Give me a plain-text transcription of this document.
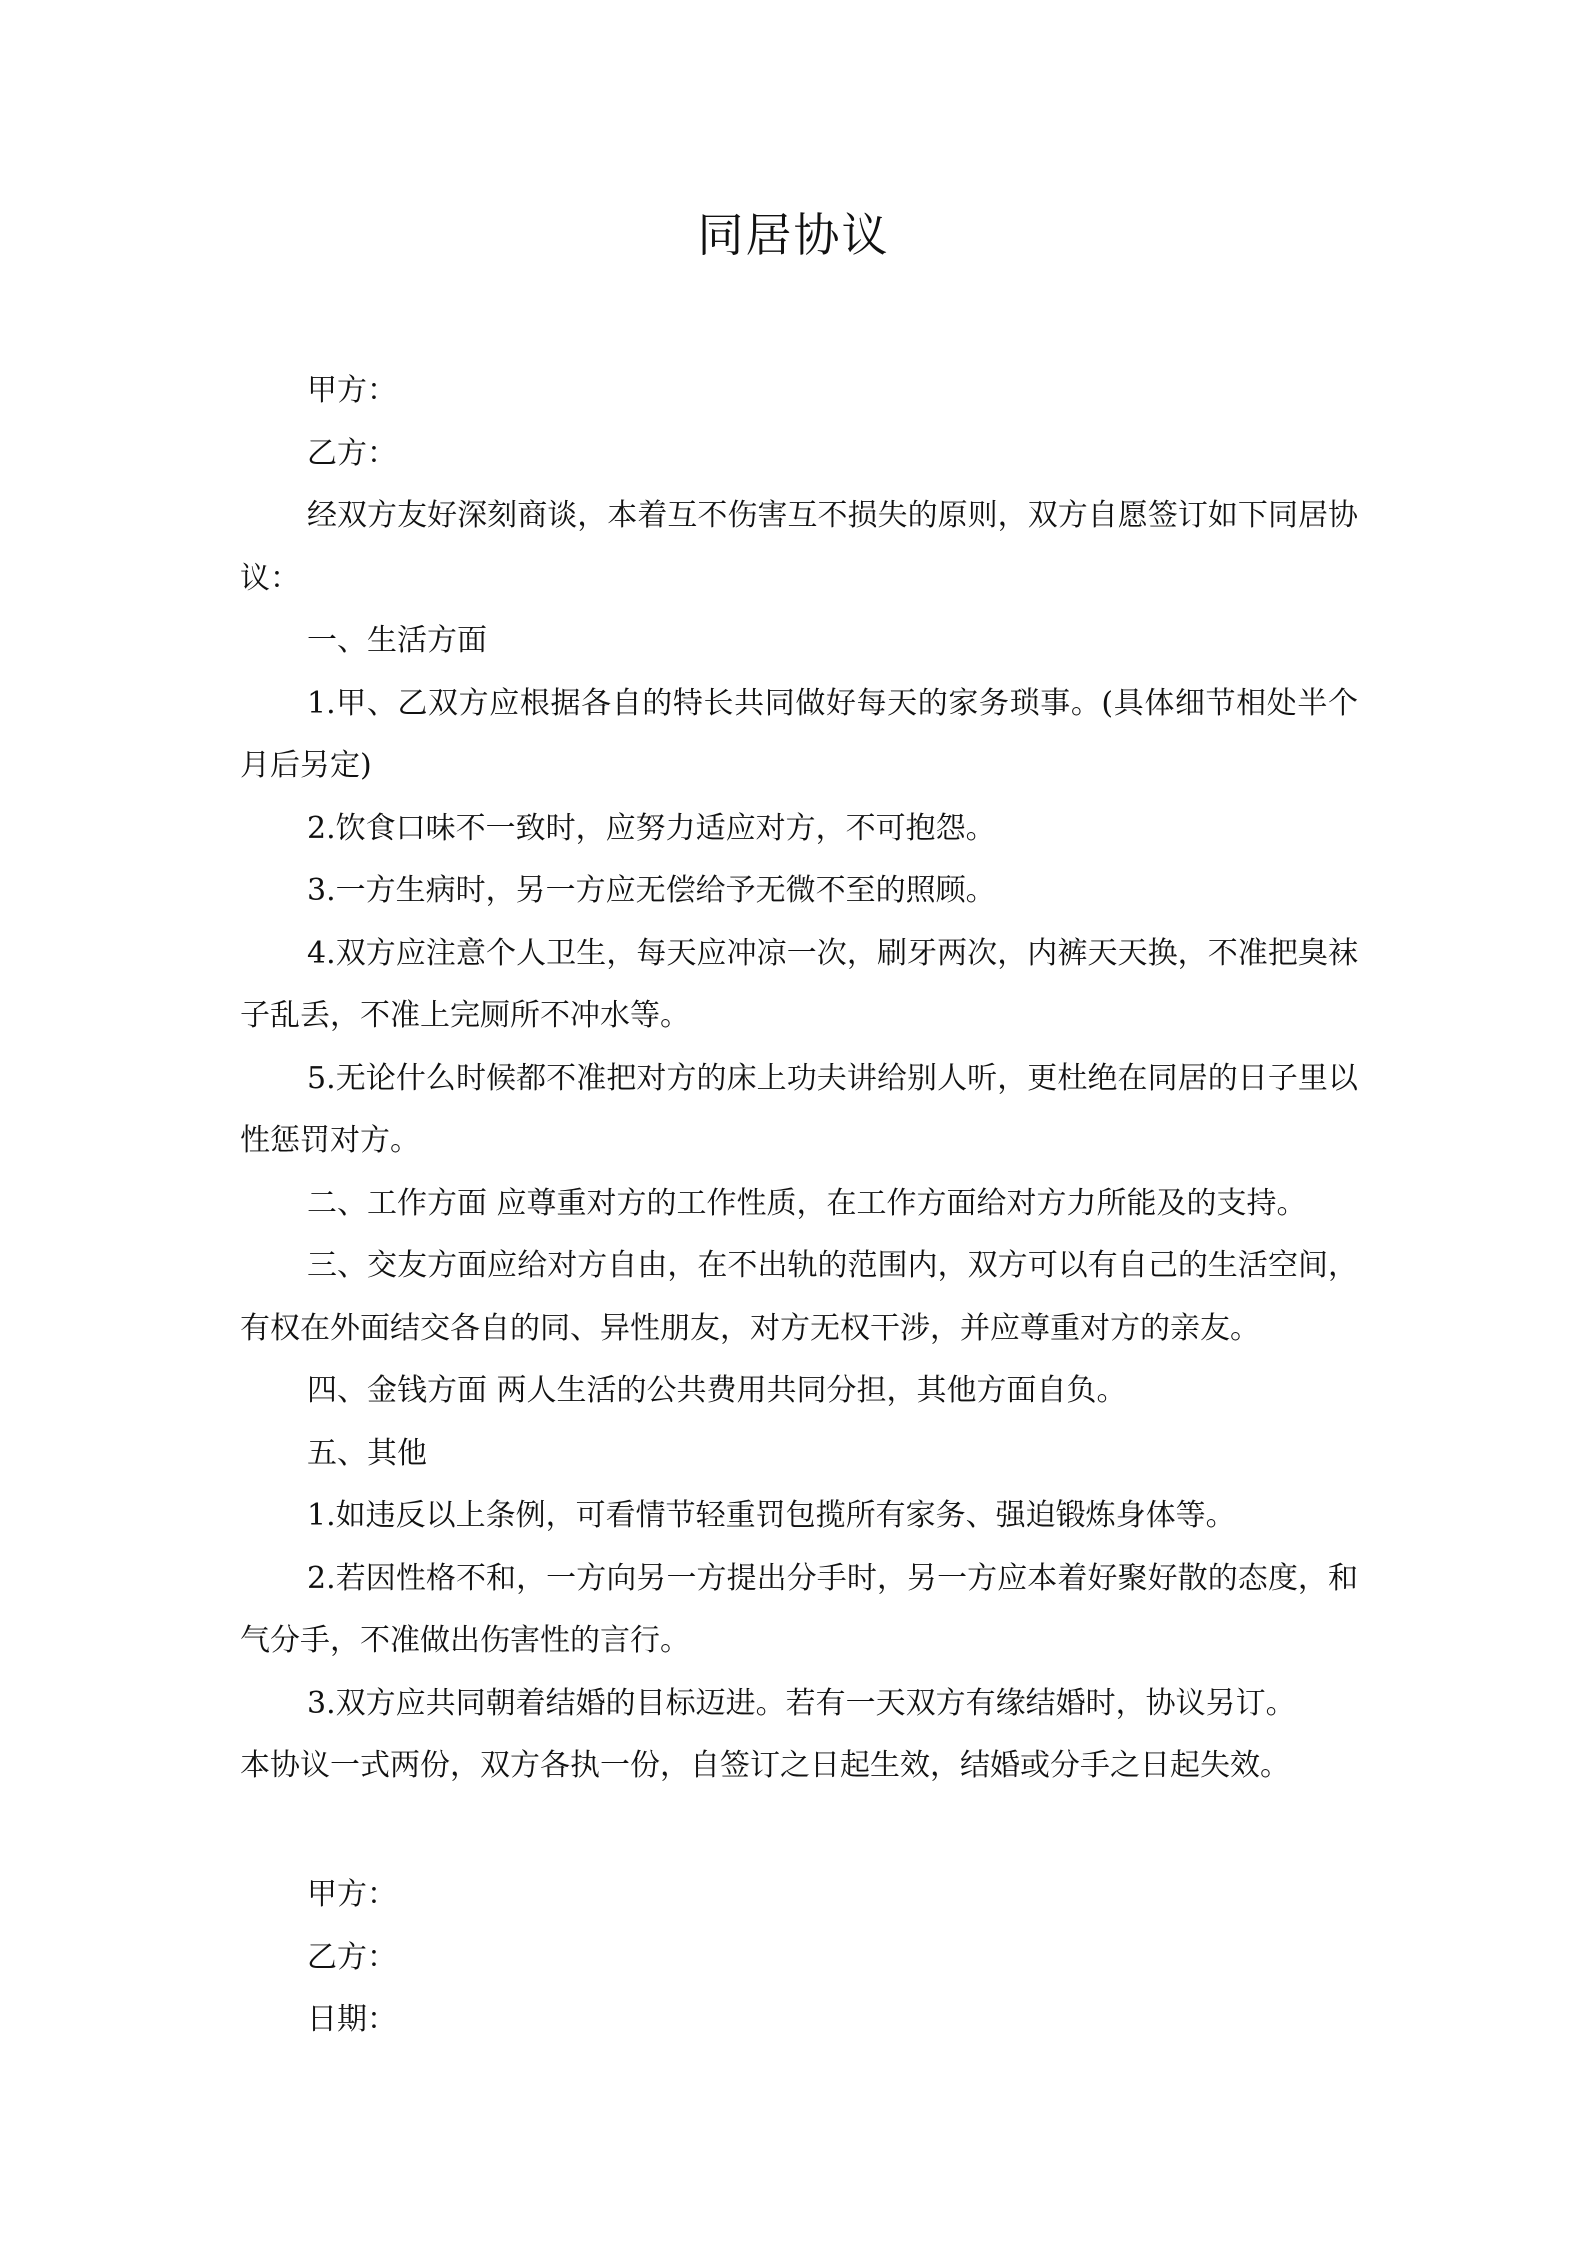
同居协议

甲方：

乙方：

经双方友好深刻商谈，本着互不伤害互不损失的原则，双方自愿签订如下同居协议：

一、生活方面

1.甲、乙双方应根据各自的特长共同做好每天的家务琐事。(具体细节相处半个月后另定)

2.饮食口味不一致时，应努力适应对方，不可抱怨。

3.一方生病时，另一方应无偿给予无微不至的照顾。

4.双方应注意个人卫生，每天应冲凉一次，刷牙两次，内裤天天换，不准把臭袜子乱丢，不准上完厕所不冲水等。

5.无论什么时候都不准把对方的床上功夫讲给别人听，更杜绝在同居的日子里以性惩罚对方。

二、工作方面 应尊重对方的工作性质，在工作方面给对方力所能及的支持。

三、交友方面应给对方自由，在不出轨的范围内，双方可以有自己的生活空间，有权在外面结交各自的同、异性朋友，对方无权干涉，并应尊重对方的亲友。

四、金钱方面 两人生活的公共费用共同分担，其他方面自负。

五、其他

1.如违反以上条例，可看情节轻重罚包揽所有家务、强迫锻炼身体等。

2.若因性格不和，一方向另一方提出分手时，另一方应本着好聚好散的态度，和气分手，不准做出伤害性的言行。

3.双方应共同朝着结婚的目标迈进。若有一天双方有缘结婚时，协议另订。

本协议一式两份，双方各执一份，自签订之日起生效，结婚或分手之日起失效。

甲方：

乙方：

日期：
